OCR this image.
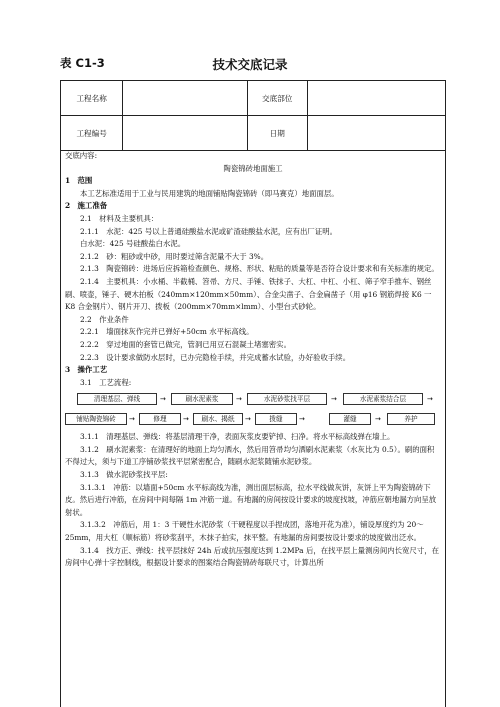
表 C1-3	技术交底记录
工程名称		交底部位	
工程编号		日期	

交底内容:

陶瓷锦砖地面施工

1　范围

本工艺标准适用于工业与民用建筑的地面铺贴陶瓷锦砖（即马赛克）地面面层。

2　施工准备

2.1　材料及主要机具：

2.1.1　水泥：425 号以上普通硅酸盐水泥或矿渣硅酸盐水泥，应有出厂证明。

白水泥：425 号硅酸盐白水泥。

2.1.2　砂：粗砂或中砂，用时要过筛含泥量不大于 3%。

2.1.3　陶瓷锦砖：进场后应拆箱检查颜色、规格、形状、粘贴的质量等是否符合设计要求和有关标准的规定。

2.1.4　主要机具：小水桶、半截桶、笤帚、方尺、手锤、铁抹子、大杠、中杠、小杠、筛子窄手推车、钢丝刷、喷壶，锤子、硬木拍板（240mm×120mm×50mm）、合金尖凿子、合金扁凿子（用 φ16 钢筋焊接 K6 一 K8 合金钢片）、钢片开刀、拨板（200mm×70mm×lmm）、小型台式砂轮。

2.2　作业条件

2.2.1　墙面抹灰作完并已弹好+50cm 水平标高线。

2.2.2　穿过地面的套管已做完，管洞已用豆石混凝土堵塞密实。

2.2.3　设计要求做防水层时，已办完隐检手续，并完成蓄水试验，办好验收手续。

3　操作工艺

3.1　工艺流程:

清理基层、弹线	→	刷水泥素浆	→	水泥砂浆找平层	→	水泥素浆结合层	→
铺贴陶瓷锦砖	→	修理	→	刷水、揭纸	→	拨缝	→	灌缝	→	养护

3.1.1　清理基层、弹线：将基层清理干净，表面灰浆皮要铲掉、扫净。将水平标高线弹在墙上。

3.1.2　刷水泥素浆：在清理好的地面上均匀洒水，然后用笤帚均匀洒刷水泥素浆（水灰比为 0.5）。刷的面积不得过大，须与下道工序铺砂浆找平层紧密配合，随刷水泥浆随铺水泥砂浆。

3.1.3　做水泥砂浆找平层:

3.1.3.1　冲筋：以墙面+50cm 水平标高线为准，测出面层标高，拉水平线做灰饼，灰饼上平为陶瓷锦砖下皮。然后进行冲筋，在房间中间每隔 1m 冲筋一道。有地漏的房间按设计要求的坡度找坡，冲筋应朝地漏方向呈放射状。

3.1.3.2　冲筋后，用 1：3 干硬性水泥砂浆（干硬程度以手捏成团，落地开花为准），铺设厚度约为 20～25mm，用大杠（顺标筋）将砂浆刮平，木抹子拍实，抹平整。有地漏的房间要按设计要求的坡度做出泛水。

3.1.4　找方正、弹线：找平层抹好 24h 后或抗压强度达到 1.2MPa 后，在找平层上量测房间内长宽尺寸，在房间中心弹十字控制线，根据设计要求的图案结合陶瓷锦砖每联尺寸，计算出所
